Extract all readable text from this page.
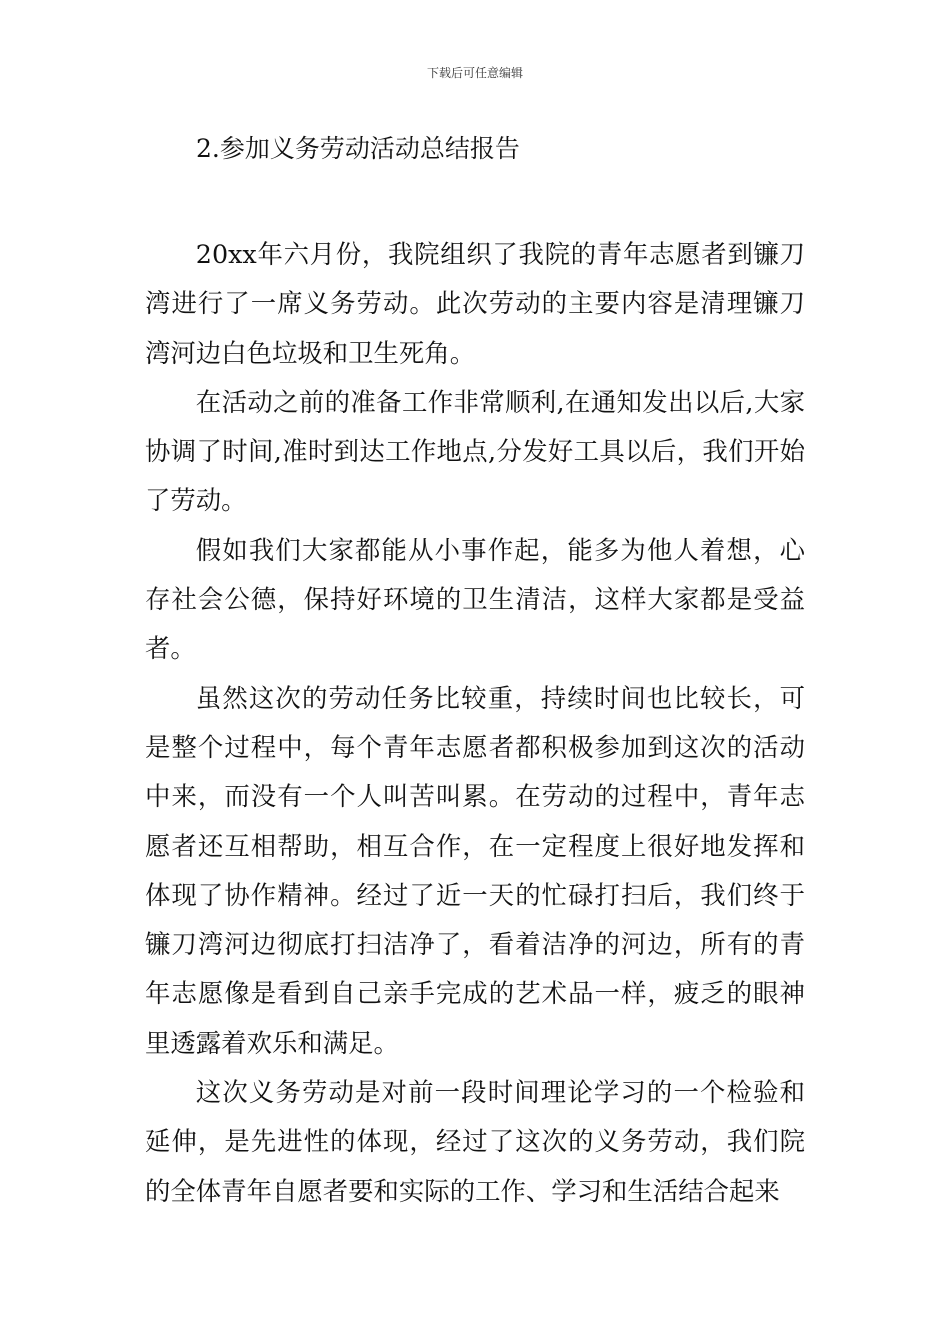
下载后可任意编辑
2.参加义务劳动活动总结报告

20xx年六月份，我院组织了我院的青年志愿者到镰刀湾进行了一席义务劳动。此次劳动的主要内容是清理镰刀湾河边白色垃圾和卫生死角。

在活动之前的准备工作非常顺利,在通知发出以后,大家协调了时间,准时到达工作地点,分发好工具以后，我们开始了劳动。

假如我们大家都能从小事作起，能多为他人着想，心存社会公德，保持好环境的卫生清洁，这样大家都是受益者。

虽然这次的劳动任务比较重，持续时间也比较长，可是整个过程中，每个青年志愿者都积极参加到这次的活动中来，而没有一个人叫苦叫累。在劳动的过程中，青年志愿者还互相帮助，相互合作，在一定程度上很好地发挥和体现了协作精神。经过了近一天的忙碌打扫后，我们终于镰刀湾河边彻底打扫洁净了，看着洁净的河边，所有的青年志愿像是看到自己亲手完成的艺术品一样，疲乏的眼神里透露着欢乐和满足。

这次义务劳动是对前一段时间理论学习的一个检验和延伸，是先进性的体现，经过了这次的义务劳动，我们院的全体青年自愿者要和实际的工作、学习和生活结合起来
